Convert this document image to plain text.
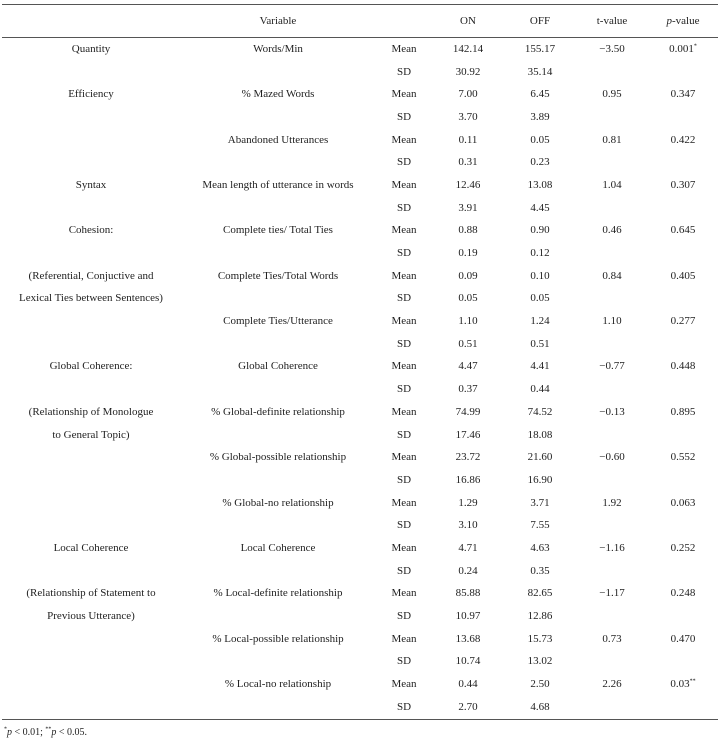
	Variable		ON	OFF	t-value	p-value
Quantity	Words/Min	Mean	142.14	155.17	−3.50	0.001*
		SD	30.92	35.14		
Efficiency	% Mazed Words	Mean	7.00	6.45	0.95	0.347
		SD	3.70	3.89		
	Abandoned Utterances	Mean	0.11	0.05	0.81	0.422
		SD	0.31	0.23		
Syntax	Mean length of utterance in words	Mean	12.46	13.08	1.04	0.307
		SD	3.91	4.45		
Cohesion:	Complete ties/ Total Ties	Mean	0.88	0.90	0.46	0.645
		SD	0.19	0.12		
(Referential, Conjuctive and	Complete Ties/Total Words	Mean	0.09	0.10	0.84	0.405
Lexical Ties between Sentences)		SD	0.05	0.05		
	Complete Ties/Utterance	Mean	1.10	1.24	1.10	0.277
		SD	0.51	0.51		
Global Coherence:	Global Coherence	Mean	4.47	4.41	−0.77	0.448
		SD	0.37	0.44		
(Relationship of Monologue	% Global-definite relationship	Mean	74.99	74.52	−0.13	0.895
to General Topic)		SD	17.46	18.08		
	% Global-possible relationship	Mean	23.72	21.60	−0.60	0.552
		SD	16.86	16.90		
	% Global-no relationship	Mean	1.29	3.71	1.92	0.063
		SD	3.10	7.55		
Local Coherence	Local Coherence	Mean	4.71	4.63	−1.16	0.252
		SD	0.24	0.35		
(Relationship of Statement to	% Local-definite relationship	Mean	85.88	82.65	−1.17	0.248
Previous Utterance)		SD	10.97	12.86		
	% Local-possible relationship	Mean	13.68	15.73	0.73	0.470
		SD	10.74	13.02		
	% Local-no relationship	Mean	0.44	2.50	2.26	0.03**
		SD	2.70	4.68		
*p < 0.01; **p < 0.05.
